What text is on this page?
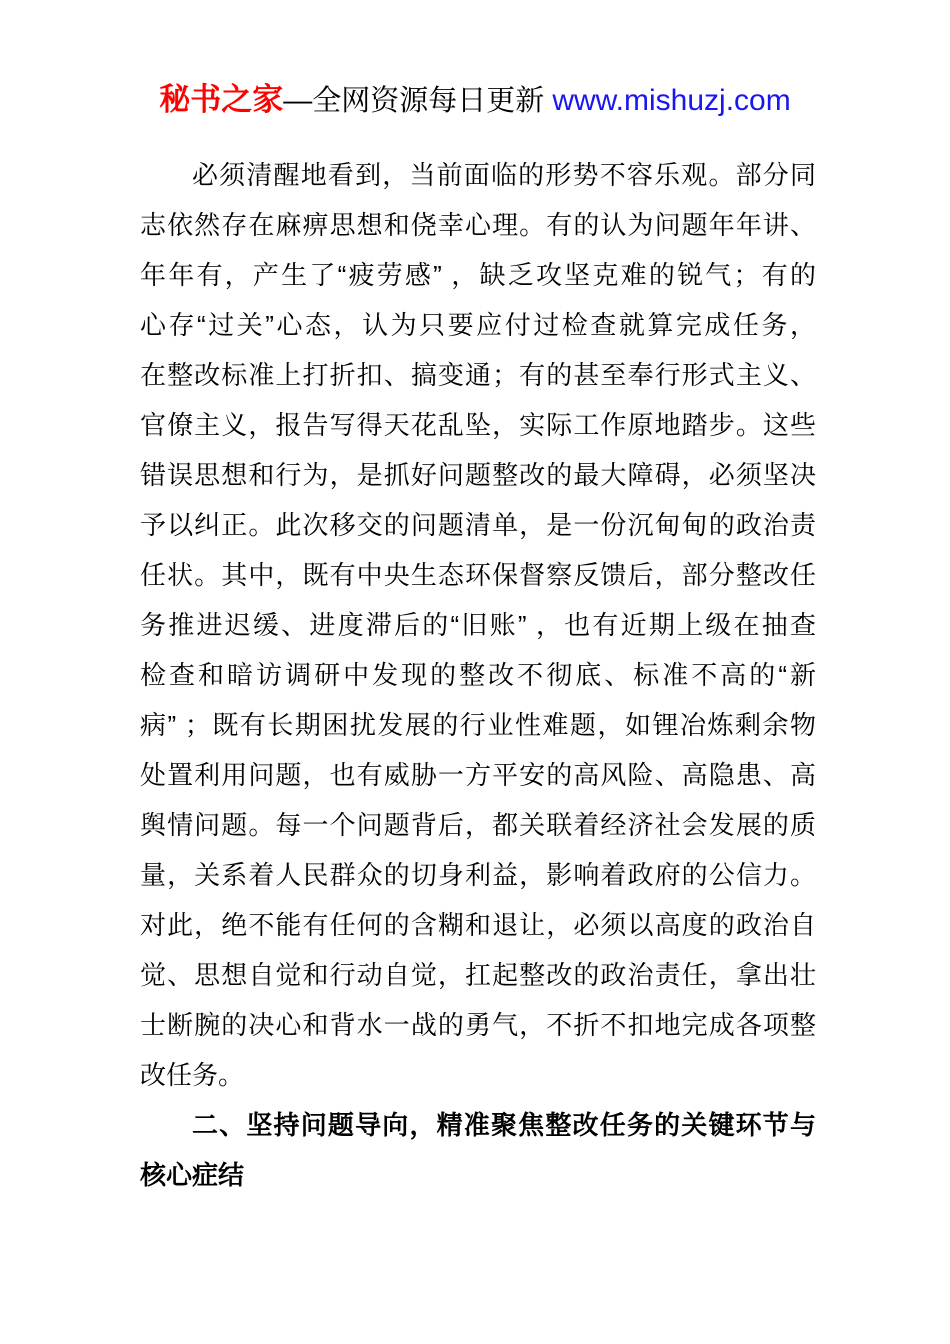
秘书之家—全网资源每日更新 www.mishuzj.com
必须清醒地看到，当前面临的形势不容乐观。部分同
志依然存在麻痹思想和侥幸心理。有的认为问题年年讲、
年年有，产生了“疲劳感” ，缺乏攻坚克难的锐气；有的
心存“过关”心态，认为只要应付过检查就算完成任务，
在整改标准上打折扣、搞变通；有的甚至奉行形式主义、
官僚主义，报告写得天花乱坠，实际工作原地踏步。这些
错误思想和行为，是抓好问题整改的最大障碍，必须坚决
予以纠正。此次移交的问题清单，是一份沉甸甸的政治责
任状。其中，既有中央生态环保督察反馈后，部分整改任
务推进迟缓、进度滞后的“旧账” ，也有近期上级在抽查
检查和暗访调研中发现的整改不彻底、标准不高的“新
病” ；既有长期困扰发展的行业性难题，如锂冶炼剩余物
处置利用问题，也有威胁一方平安的高风险、高隐患、高
舆情问题。每一个问题背后，都关联着经济社会发展的质
量，关系着人民群众的切身利益，影响着政府的公信力。
对此，绝不能有任何的含糊和退让，必须以高度的政治自
觉、思想自觉和行动自觉，扛起整改的政治责任，拿出壮
士断腕的决心和背水一战的勇气，不折不扣地完成各项整
改任务。
二、坚持问题导向，精准聚焦整改任务的关键环节与
核心症结
